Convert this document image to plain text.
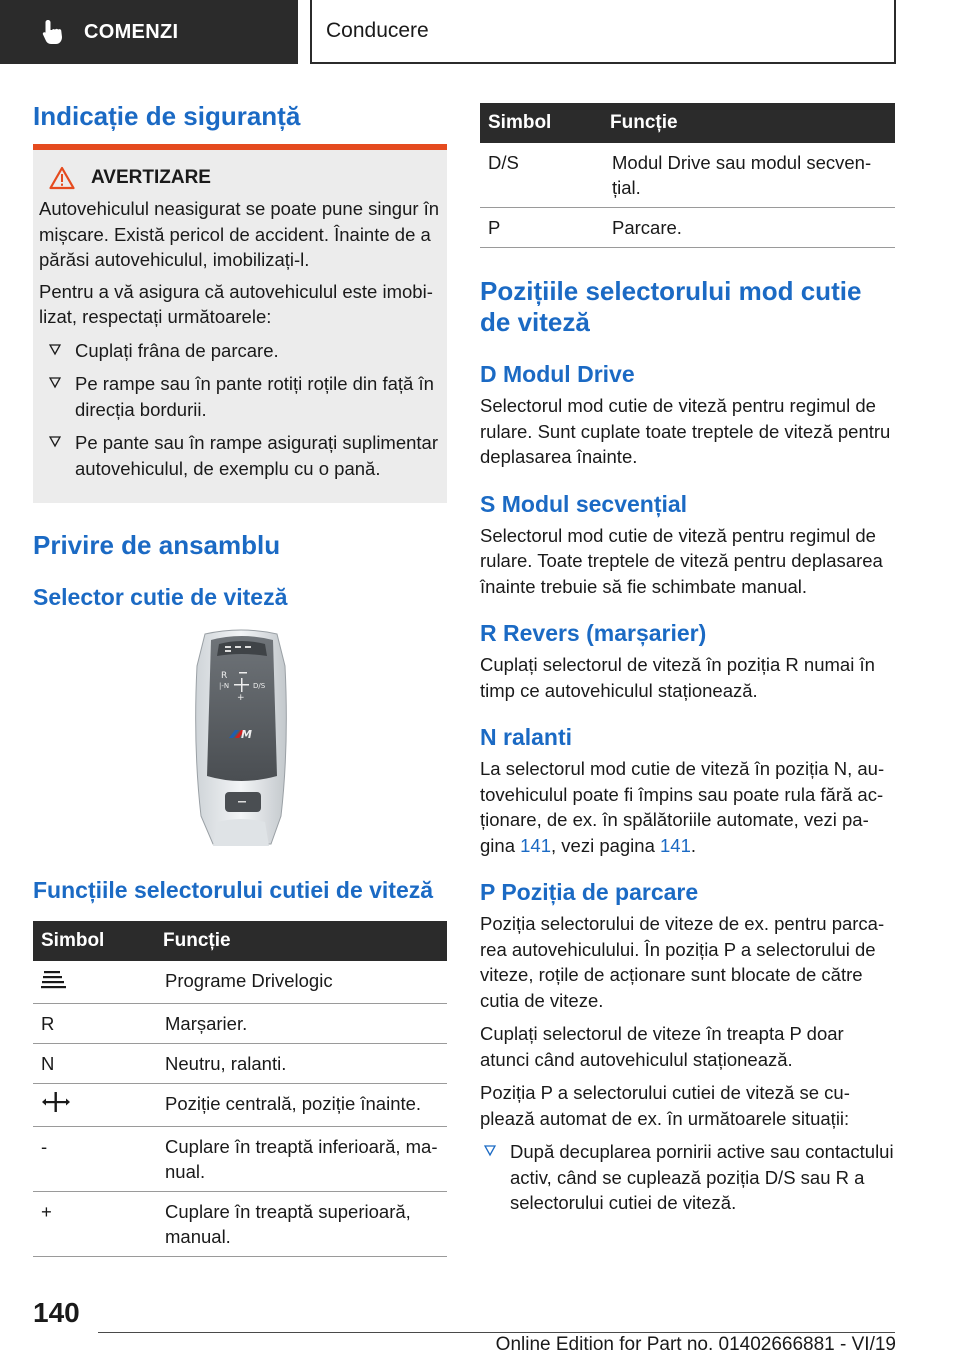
COMENZI	Conducere
Indicație de siguranță
AVERTIZARE

Autovehiculul neasigurat se poate pune singur în mișcare. Există pericol de accident. Înainte de a părăsi autovehiculul, imobilizați-l.

Pentru a vă asigura că autovehiculul este imobilizat, respectați următoarele:

Cuplați frâna de parcare.
Pe rampe sau în pante rotiți roțile din față în direcția bordurii.
Pe pante sau în rampe asigurați suplimentar autovehiculul, de exemplu cu o pană.
Privire de ansamblu
Selector cutie de viteză
R
|-N	D/S
+
M
Funcțiile selectorului cutiei de viteză
Simbol	Funcție
	Programe Drivelogic
R	Marșarier.
N	Neutru, ralanti.
	Poziție centrală, poziție înainte.
-	Cuplare în treaptă inferioară, manual.
+	Cuplare în treaptă superioară, manual.
Simbol	Funcție
D/S	Modul Drive sau modul secvențial.
P	Parcare.
Pozițiile selectorului mod cutie de viteză
D Modul Drive

Selectorul mod cutie de viteză pentru regimul de rulare. Sunt cuplate toate treptele de viteză pentru deplasarea înainte.

S Modul secvențial

Selectorul mod cutie de viteză pentru regimul de rulare. Toate treptele de viteză pentru deplasarea înainte trebuie să fie schimbate manual.

R Revers (marșarier)

Cuplați selectorul de viteză în poziția R numai în timp ce autovehiculul staționează.

N ralanti

La selectorul mod cutie de viteză în poziția N, autovehiculul poate fi împins sau poate rula fără acționare, de ex. în spălătoriile automate, vezi pagina 141, vezi pagina 141.

P Poziția de parcare

Poziția selectorului de viteze de ex. pentru parcarea autovehiculului. În poziția P a selectorului de viteze, roțile de acționare sunt blocate de către cutia de viteze.

Cuplați selectorul de viteze în treapta P doar atunci când autovehiculul staționează.

Poziția P a selectorului cutiei de viteză se cuplează automat de ex. în următoarele situații:

După decuplarea pornirii active sau contactului activ, când se cuplează poziția D/S sau R a selectorului cutiei de viteză.
140
Online Edition for Part no. 01402666881 - VI/19
